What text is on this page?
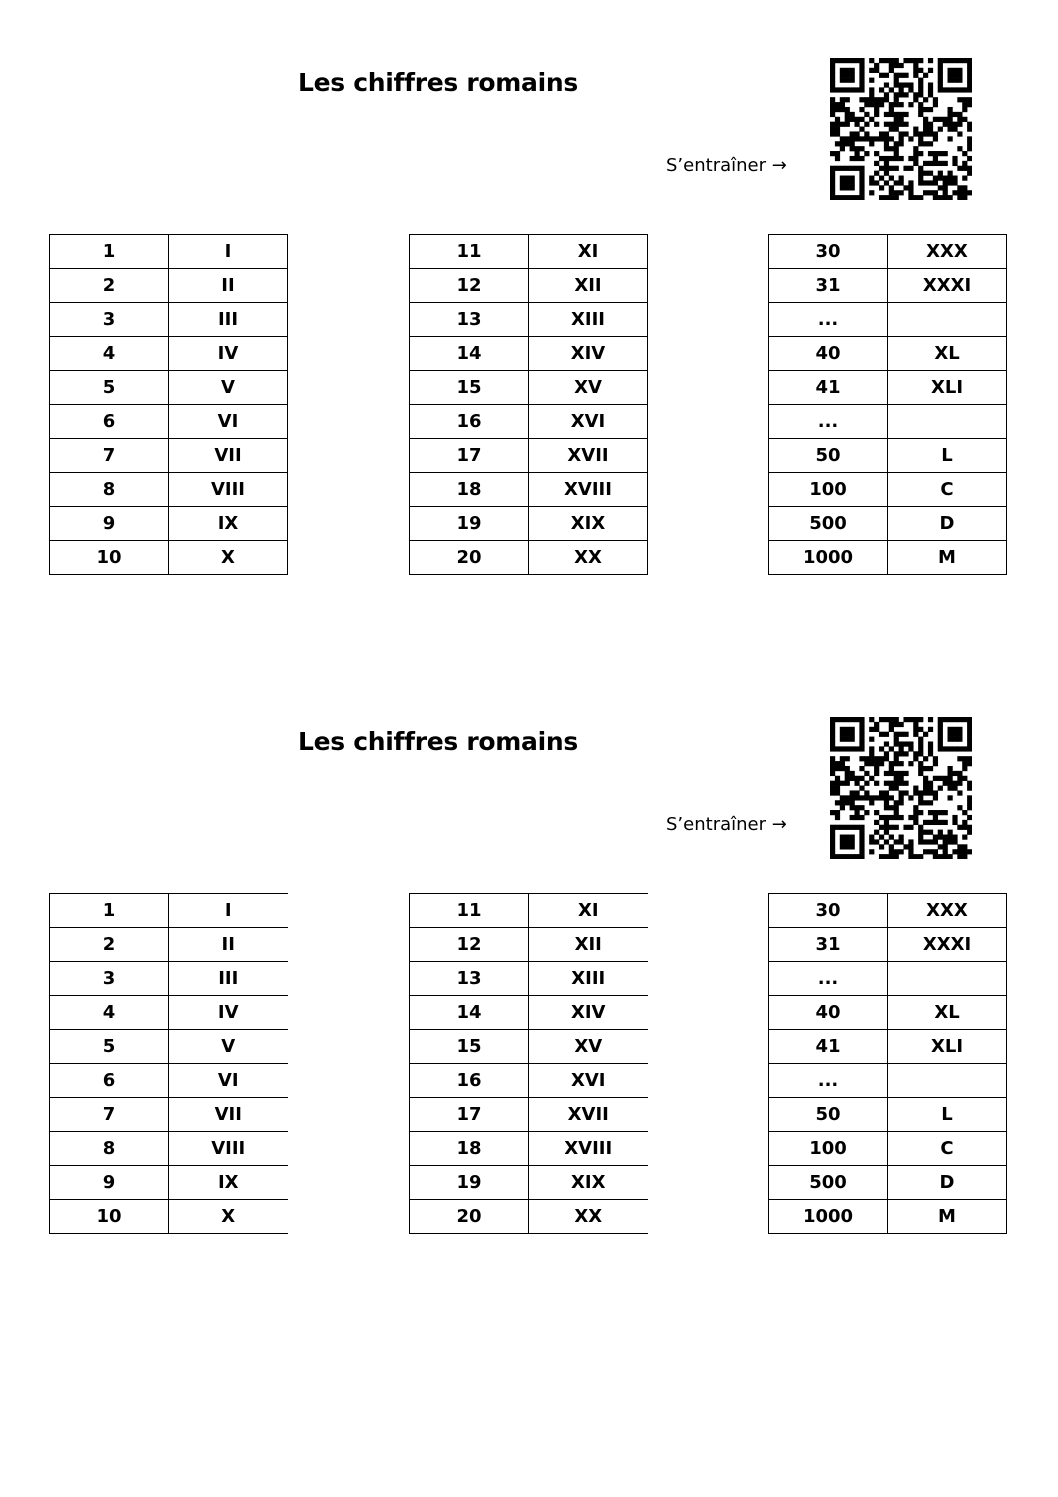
Les chiffres romains
S’entraîner →
1	I
2	II
3	III
4	IV
5	V
6	VI
7	VII
8	VIII
9	IX
10	X
11	XI
12	XII
13	XIII
14	XIV
15	XV
16	XVI
17	XVII
18	XVIII
19	XIX
20	XX
30	XXX
31	XXXI
...	
40	XL
41	XLI
...	
50	L
100	C
500	D
1000	M
Les chiffres romains
S’entraîner →
1	I
2	II
3	III
4	IV
5	V
6	VI
7	VII
8	VIII
9	IX
10	X
11	XI
12	XII
13	XIII
14	XIV
15	XV
16	XVI
17	XVII
18	XVIII
19	XIX
20	XX
30	XXX
31	XXXI
...	
40	XL
41	XLI
...	
50	L
100	C
500	D
1000	M
